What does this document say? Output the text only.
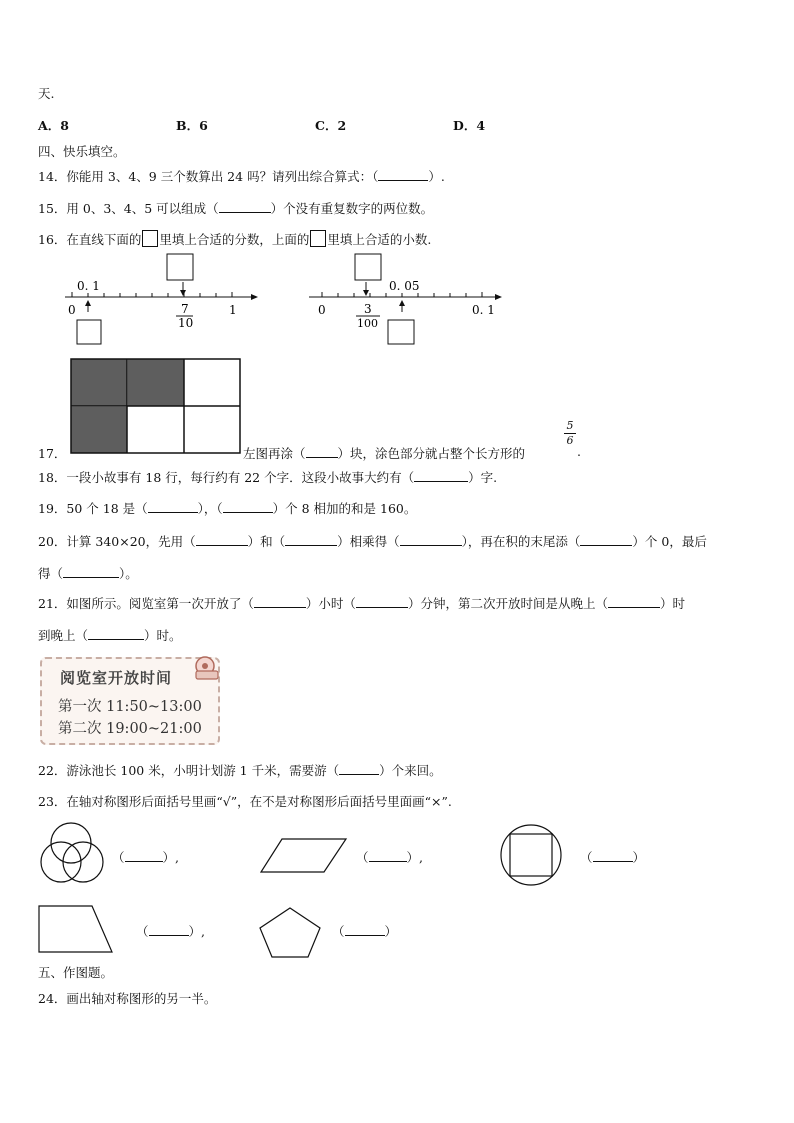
天.
A．8	B．6	C．2	D．4
四、快乐填空。
14．你能用 3、4、9 三个数算出 24 吗？请列出综合算式：（	）.
15．用 0、3、4、5 可以组成（	）个没有重复数字的两位数。
16．在直线下面的 里填上合适的分数，上面的 里填上合适的小数.
0. 1
0	7
10
1	0	3
100
0. 05
0. 1
17．	左图再涂（	）块，涂色部分就占整个长方形的
$\frac{5}{6}$
.
18．一段小故事有 18 行，每行约有 22 个字．这段小故事大约有（	）字.
19．50 个 18 是（	），（	）个 8 相加的和是 160。
20．计算 340×20，先用（	）和（	）相乘得（	），再在积的末尾添（	）个 0，最后
得（	）。
21．如图所示。阅览室第一次开放了（	）小时（	）分钟，第二次开放时间是从晚上（	）时
到晚上（	）时。
阅览室开放时间
第一次 11:50~13:00
第二次 19:00~21:00
22．游泳池长 100 米，小明计划游 1 千米，需要游（	）个来回。
23．在轴对称图形后面括号里画“√”，在不是对称图形后面括号里面画“×”.
（	）,	（	）,	（	）
（	）,	（	）
五、作图题。
24．画出轴对称图形的另一半。
